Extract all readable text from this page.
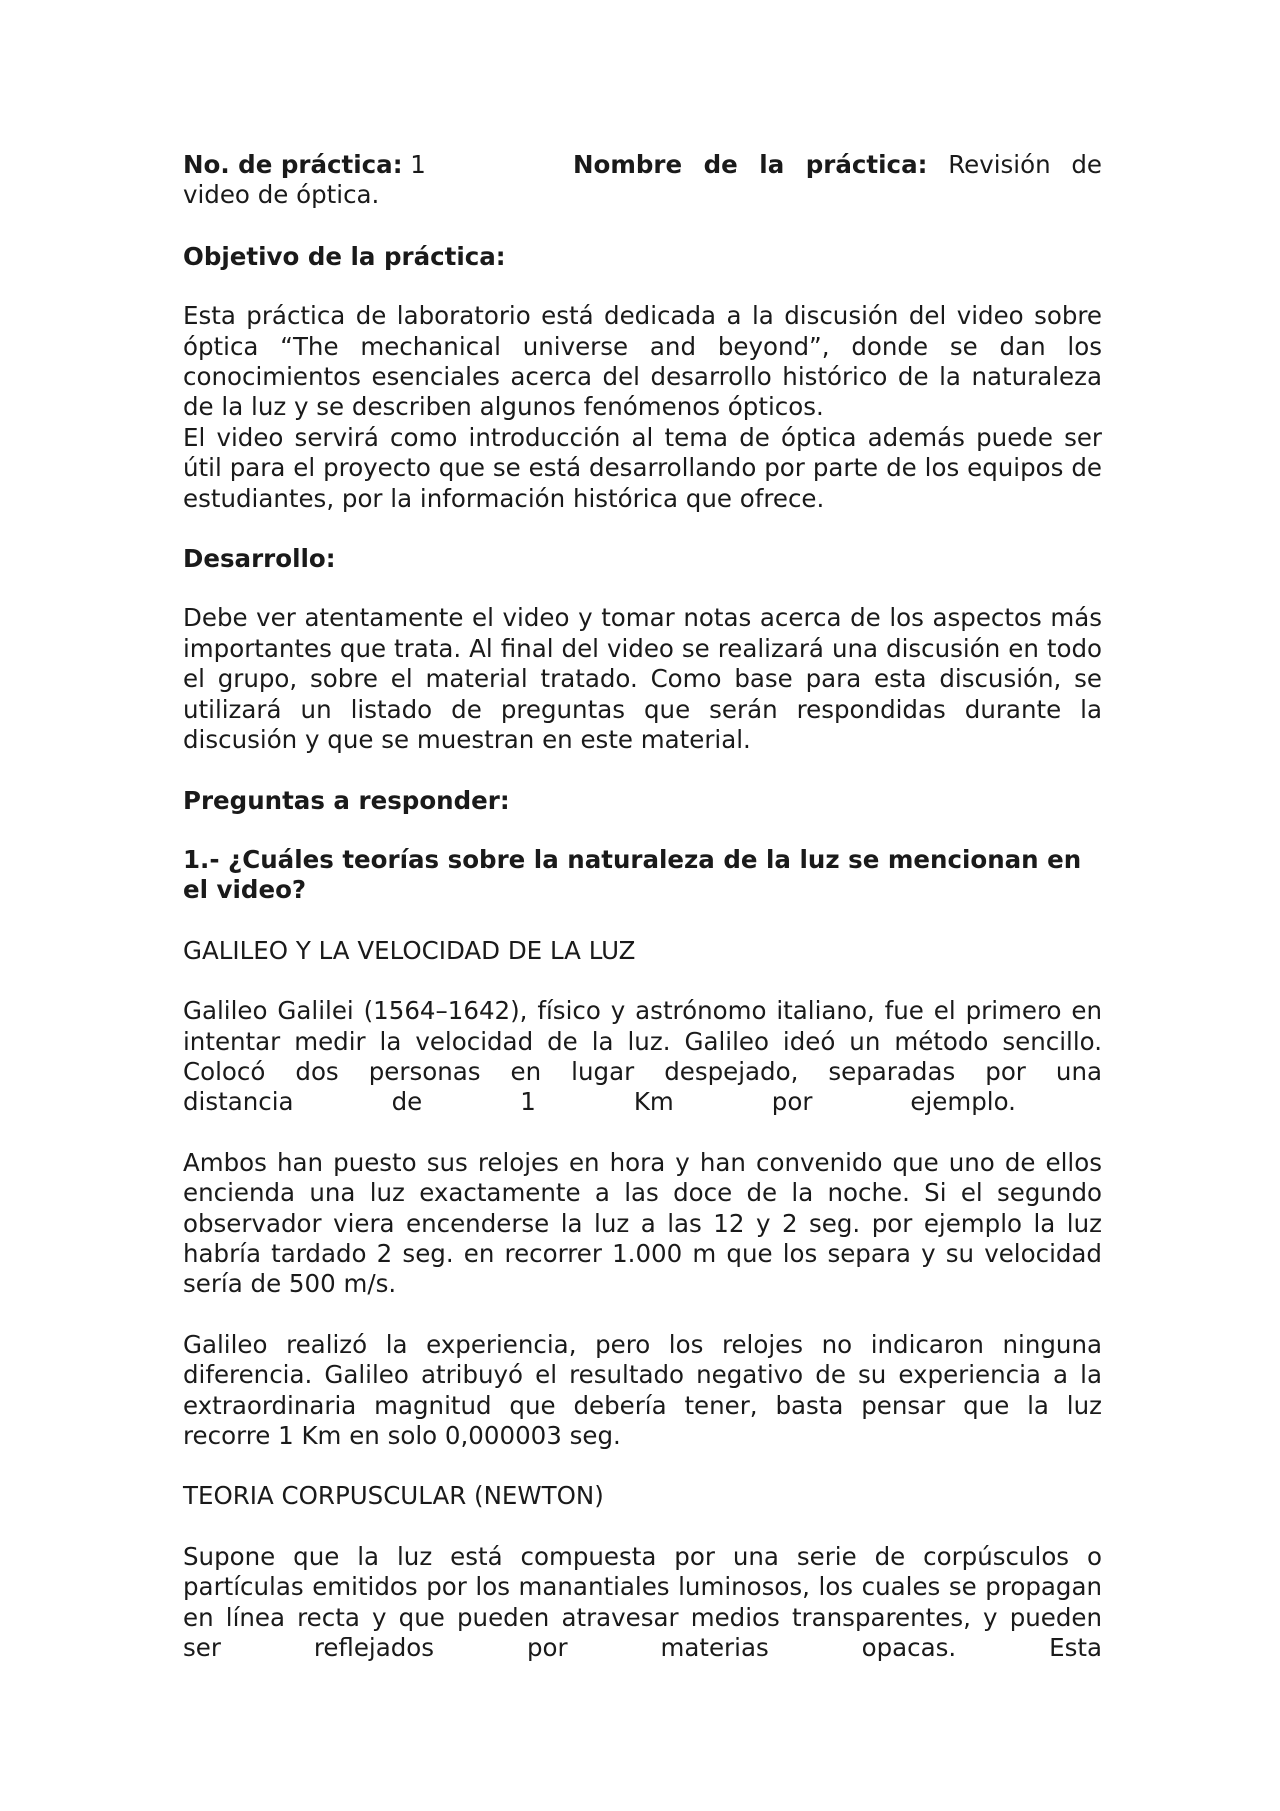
No. de práctica: 1	Nombre de la práctica: Revisión de
video de óptica.

Objetivo de la práctica:

Esta práctica de laboratorio está dedicada a la discusión del video sobre óptica “The mechanical universe and beyond”, donde se dan los conocimientos esenciales acerca del desarrollo histórico de la naturaleza de la luz y se describen algunos fenómenos ópticos.

El video servirá como introducción al tema de óptica además puede ser útil para el proyecto que se está desarrollando por parte de los equipos de estudiantes, por la información histórica que ofrece.

Desarrollo:

Debe ver atentamente el video y tomar notas acerca de los aspectos más importantes que trata. Al final del video se realizará una discusión en todo el grupo, sobre el material tratado. Como base para esta discusión, se utilizará un listado de preguntas que serán respondidas durante la discusión y que se muestran en este material.

Preguntas a responder:

1.- ¿Cuáles teorías sobre la naturaleza de la luz se mencionan en el video?

GALILEO Y LA VELOCIDAD DE LA LUZ

Galileo Galilei (1564–1642), físico y astrónomo italiano, fue el primero en intentar medir la velocidad de la luz. Galileo ideó un método sencillo. Colocó dos personas en lugar despejado, separadas por una

distancia	de	1	Km	por	ejemplo.

Ambos han puesto sus relojes en hora y han convenido que uno de ellos encienda una luz exactamente a las doce de la noche. Si el segundo observador viera encenderse la luz a las 12 y 2 seg. por ejemplo la luz habría tardado 2 seg. en recorrer 1.000 m que los separa y su velocidad sería de 500 m/s.

Galileo realizó la experiencia, pero los relojes no indicaron ninguna diferencia. Galileo atribuyó el resultado negativo de su experiencia a la extraordinaria magnitud que debería tener, basta pensar que la luz recorre 1 Km en solo 0,000003 seg.

TEORIA CORPUSCULAR (NEWTON)

Supone que la luz está compuesta por una serie de corpúsculos o partículas emitidos por los manantiales luminosos, los cuales se propagan en línea recta y que pueden atravesar medios transparentes, y pueden ser reflejados por materias opacas. Esta
